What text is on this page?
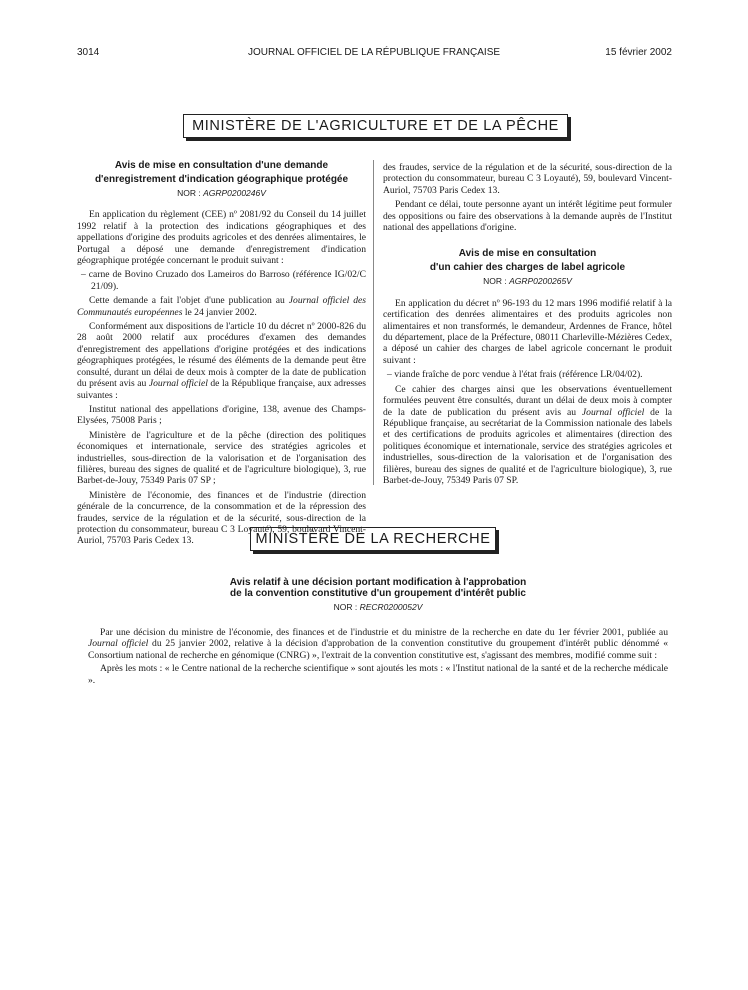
3014	JOURNAL OFFICIEL DE LA RÉPUBLIQUE FRANÇAISE	15 février 2002
MINISTÈRE DE L'AGRICULTURE ET DE LA PÊCHE

Avis de mise en consultation d'une demande

d'enregistrement d'indication géographique protégée

NOR : AGRP0200246V

En application du règlement (CEE) nº 2081/92 du Conseil du 14 juillet 1992 relatif à la protection des indications géographiques et des appellations d'origine des produits agricoles et des denrées alimentaires, le Portugal a déposé une demande d'enregistrement d'indication géographique protégée concernant le produit suivant :

– carne de Bovino Cruzado dos Lameiros do Barroso (référence IG/02/C 21/09).

Cette demande a fait l'objet d'une publication au Journal officiel des Communautés européennes le 24 janvier 2002.

Conformément aux dispositions de l'article 10 du décret nº 2000-826 du 28 août 2000 relatif aux procédures d'examen des demandes d'enregistrement des appellations d'origine protégées et des indications géographiques protégées, le résumé des éléments de la demande peut être consulté, durant un délai de deux mois à compter de la date de publication du présent avis au Journal officiel de la République française, aux adresses suivantes :

Institut national des appellations d'origine, 138, avenue des Champs-Elysées, 75008 Paris ;

Ministère de l'agriculture et de la pêche (direction des politiques économiques et internationale, service des stratégies agricoles et industrielles, sous-direction de la valorisation et de l'organisation des filières, bureau des signes de qualité et de l'agriculture biologique), 3, rue Barbet-de-Jouy, 75349 Paris 07 SP ;

Ministère de l'économie, des finances et de l'industrie (direction générale de la concurrence, de la consommation et de la répression des fraudes, service de la régulation et de la sécurité, sous-direction de la protection du consommateur, bureau C 3 Loyauté), 59, boulevard Vincent-Auriol, 75703 Paris Cedex 13.

des fraudes, service de la régulation et de la sécurité, sous-direction de la protection du consommateur, bureau C 3 Loyauté), 59, boulevard Vincent-Auriol, 75703 Paris Cedex 13.

Pendant ce délai, toute personne ayant un intérêt légitime peut formuler des oppositions ou faire des observations à la demande auprès de l'Institut national des appellations d'origine.

Avis de mise en consultation

d'un cahier des charges de label agricole

NOR : AGRP0200265V

En application du décret nº 96-193 du 12 mars 1996 modifié relatif à la certification des denrées alimentaires et des produits agricoles non alimentaires et non transformés, le demandeur, Ardennes de France, hôtel du département, place de la Préfecture, 08011 Charleville-Mézières Cedex, a déposé un cahier des charges de label agricole concernant le produit suivant :

– viande fraîche de porc vendue à l'état frais (référence LR/04/02).

Ce cahier des charges ainsi que les observations éventuellement formulées peuvent être consultés, durant un délai de deux mois à compter de la date de publication du présent avis au Journal officiel de la République française, au secrétariat de la Commission nationale des labels et des certifications de produits agricoles et alimentaires (direction des politiques économique et internationale, service des stratégies agricoles et industrielles, sous-direction de la valorisation et de l'organisation des filières, bureau des signes de qualité et de l'agriculture biologique), 3, rue Barbet-de-Jouy, 75349 Paris 07 SP.

MINISTÈRE DE LA RECHERCHE

Avis relatif à une décision portant modification à l'approbation

de la convention constitutive d'un groupement d'intérêt public

NOR : RECR0200052V

Par une décision du ministre de l'économie, des finances et de l'industrie et du ministre de la recherche en date du 1er février 2001, publiée au Journal officiel du 25 janvier 2002, relative à la décision d'approbation de la convention constitutive du groupement d'intérêt public dénommé « Consortium national de recherche en génomique (CNRG) », l'extrait de la convention constitutive est, s'agissant des membres, modifié comme suit :

Après les mots : « le Centre national de la recherche scientifique » sont ajoutés les mots : « l'Institut national de la santé et de la recherche médicale ».
